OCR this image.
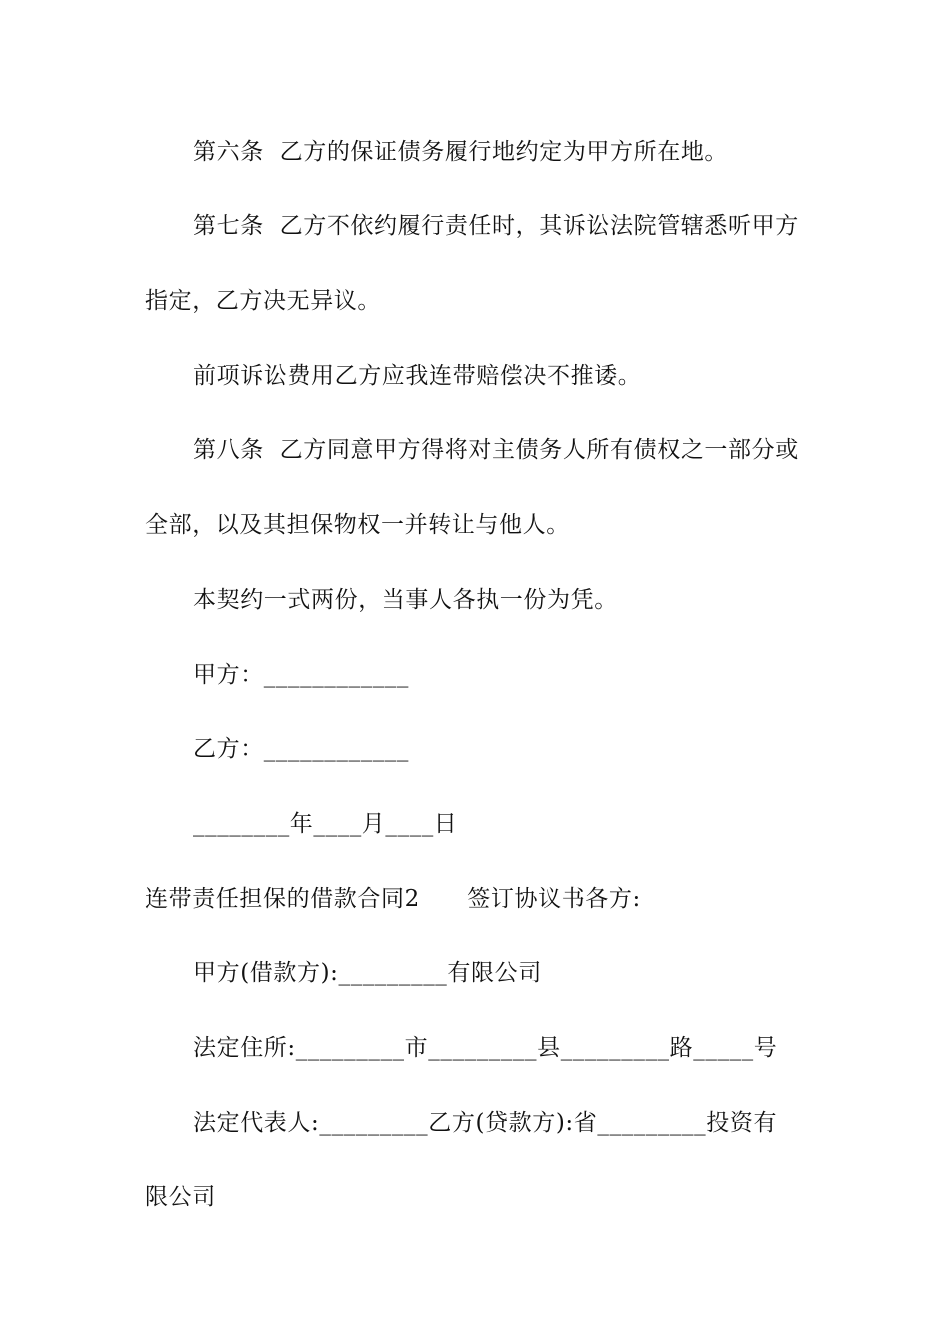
第六条  乙方的保证债务履行地约定为甲方所在地。

第七条  乙方不依约履行责任时，其诉讼法院管辖悉听甲方

指定，乙方决无异议。

前项诉讼费用乙方应我连带赔偿决不推诿。

第八条  乙方同意甲方得将对主债务人所有债权之一部分或

全部，以及其担保物权一并转让与他人。

本契约一式两份，当事人各执一份为凭。

甲方：____________

乙方：____________

________年____月____日

连带责任担保的借款合同2      签订协议书各方:

甲方(借款方):_________有限公司

法定住所:_________市_________县_________路_____号

法定代表人:_________乙方(贷款方):省_________投资有

限公司
